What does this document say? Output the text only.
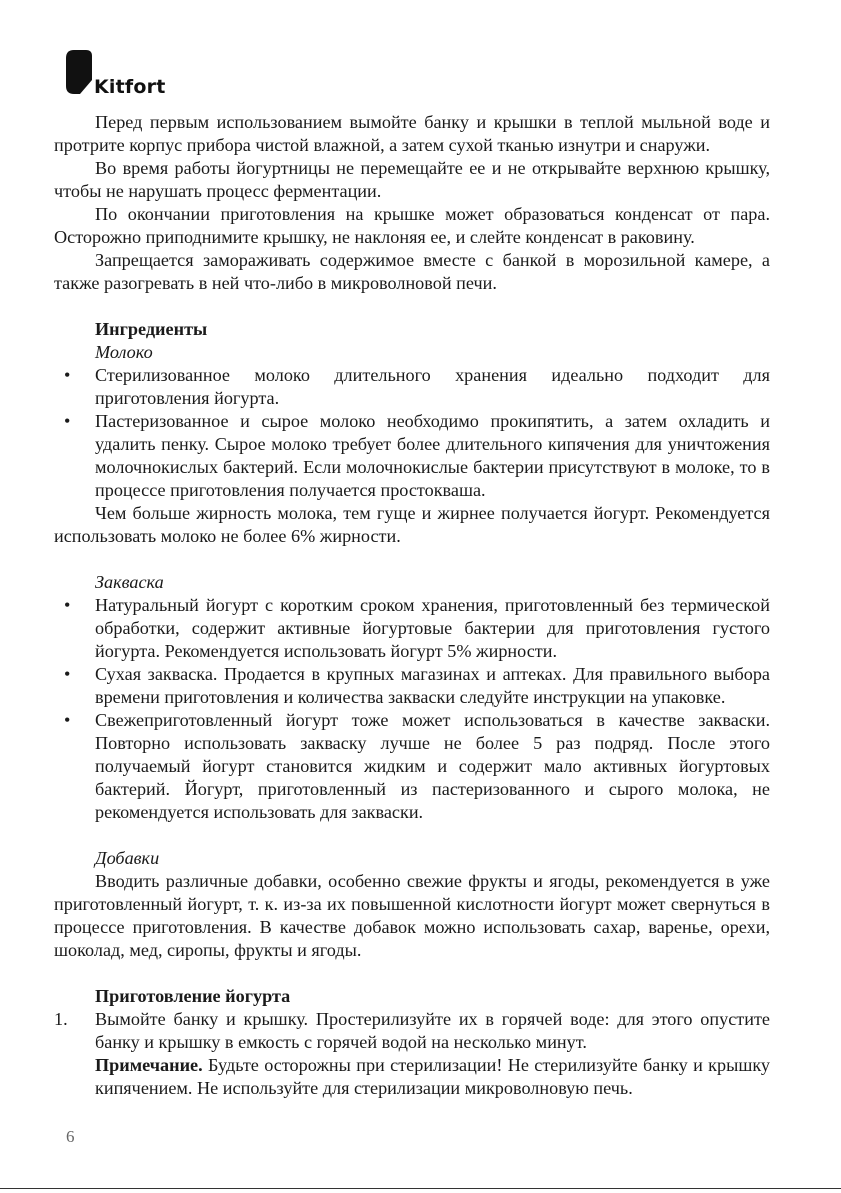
Kitfort

Перед первым использованием вымойте банку и крышки в теплой мыльной воде и протрите корпус прибора чистой влажной, а затем сухой тканью изнутри и снаружи.

Во время работы йогуртницы не перемещайте ее и не открывайте верхнюю крышку, чтобы не нарушать процесс ферментации.

По окончании приготовления на крышке может образоваться конденсат от пара. Осторожно приподнимите крышку, не наклоняя ее, и слейте конденсат в раковину.

Запрещается замораживать содержимое вместе с банкой в морозильной камере, а также разогревать в ней что-либо в микроволновой печи.

Ингредиенты

Молоко

• Стерилизованное молоко длительного хранения идеально подходит для приготовления йогурта.
• Пастеризованное и сырое молоко необходимо прокипятить, а затем охладить и удалить пенку. Сырое молоко требует более длительного кипячения для уничтожения молочнокислых бактерий. Если молочнокислые бактерии присутствуют в молоке, то в процессе приготовления получается простокваша.

Чем больше жирность молока, тем гуще и жирнее получается йогурт. Рекомендуется использовать молоко не более 6% жирности.

Закваска

• Натуральный йогурт с коротким сроком хранения, приготовленный без термической обработки, содержит активные йогуртовые бактерии для приготовления густого йогурта. Рекомендуется использовать йогурт 5% жирности.
• Сухая закваска. Продается в крупных магазинах и аптеках. Для правильного выбора времени приготовления и количества закваски следуйте инструкции на упаковке.
• Свежеприготовленный йогурт тоже может использоваться в качестве закваски. Повторно использовать закваску лучше не более 5 раз подряд. После этого получаемый йогурт становится жидким и содержит мало активных йогуртовых бактерий. Йогурт, приготовленный из пастеризованного и сырого молока, не рекомендуется использовать для закваски.

Добавки

Вводить различные добавки, особенно свежие фрукты и ягоды, рекомендуется в уже приготовленный йогурт, т. к. из-за их повышенной кислотности йогурт может свернуться в процессе приготовления. В качестве добавок можно использовать сахар, варенье, орехи, шоколад, мед, сиропы, фрукты и ягоды.

Приготовление йогурта

1. Вымойте банку и крышку. Простерилизуйте их в горячей воде: для этого опустите банку и крышку в емкость с горячей водой на несколько минут.

Примечание. Будьте осторожны при стерилизации! Не стерилизуйте банку и крышку кипячением. Не используйте для стерилизации микроволновую печь.

6
